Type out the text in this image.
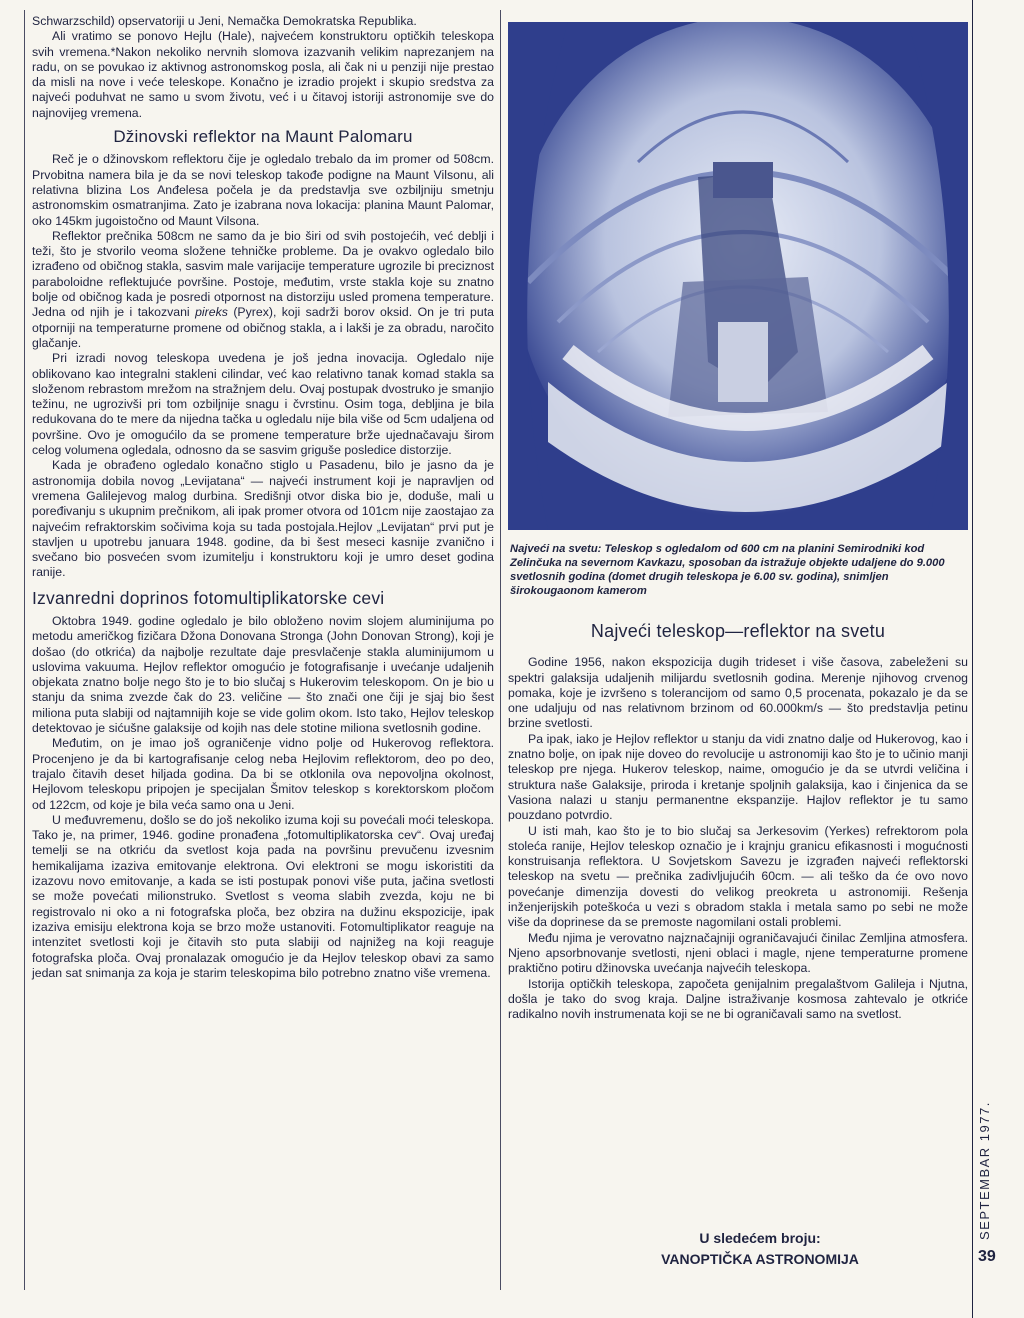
Schwarzschild) opservatoriji u Jeni, Nemačka Demokratska Republika.

Ali vratimo se ponovo Hejlu (Hale), najvećem konstruktoru optičkih teleskopa svih vremena.*Nakon nekoliko nervnih slomova izazvanih velikim naprezanjem na radu, on se povukao iz aktivnog astronomskog posla, ali čak ni u penziji nije prestao da misli na nove i veće teleskope. Konačno je izradio projekt i skupio sredstva za najveći poduhvat ne samo u svom životu, već i u čitavoj istoriji astronomije sve do najnovijeg vremena.

Džinovski reflektor na Maunt Palomaru

Reč je o džinovskom reflektoru čije je ogledalo trebalo da im promer od 508cm. Prvobitna namera bila je da se novi teleskop takođe podigne na Maunt Vilsonu, ali relativna blizina Los Anđelesa počela je da predstavlja sve ozbiljniju smetnju astronomskim osmatranjima. Zato je izabrana nova lokacija: planina Maunt Palomar, oko 145km jugoistočno od Maunt Vilsona.

Reflektor prečnika 508cm ne samo da je bio širi od svih postojećih, već deblji i teži, što je stvorilo veoma složene tehničke probleme. Da je ovakvo ogledalo bilo izrađeno od običnog stakla, sasvim male varijacije temperature ugrozile bi preciznost paraboloidne reflektujuće površine. Postoje, međutim, vrste stakla koje su znatno bolje od običnog kada je posredi otpornost na distorziju usled promena temperature. Jedna od njih je i takozvani pireks (Pyrex), koji sadrži borov oksid. On je tri puta otporniji na temperaturne promene od običnog stakla, a i lakši je za obradu, naročito glačanje.

Pri izradi novog teleskopa uvedena je još jedna inovacija. Ogledalo nije oblikovano kao integralni stakleni cilindar, već kao relativno tanak komad stakla sa složenom rebrastom mrežom na stražnjem delu. Ovaj postupak dvostruko je smanjio težinu, ne ugrozivši pri tom ozbiljnije snagu i čvrstinu. Osim toga, debljina je bila redukovana do te mere da nijedna tačka u ogledalu nije bila više od 5cm udaljena od površine. Ovo je omogućilo da se promene temperature brže ujednačavaju širom celog volumena ogledala, odnosno da se sasvim griguše posledice distorzije.

Kada je obrađeno ogledalo konačno stiglo u Pasadenu, bilo je jasno da je astronomija dobila novog „Levijatana“ — najveći instrument koji je napravljen od vremena Galilejevog malog durbina. Središnji otvor diska bio je, doduše, mali u poređivanju s ukupnim prečnikom, ali ipak promer otvora od 101cm nije zaostajao za najvećim refraktorskim sočivima koja su tada postojala.Hejlov „Levijatan“ prvi put je stavljen u upotrebu januara 1948. godine, da bi šest meseci kasnije zvanično i svečano bio posvećen svom izumitelju i konstruktoru koji je umro deset godina ranije.

Izvanredni doprinos fotomultiplikatorske cevi

Oktobra 1949. godine ogledalo je bilo obloženo novim slojem aluminijuma po metodu američkog fizičara Džona Donovana Stronga (John Donovan Strong), koji je došao (do otkrića) da najbolje rezultate daje presvlačenje stakla aluminijumom u uslovima vakuuma. Hejlov reflektor omogućio je fotografisanje i uvećanje udaljenih objekata znatno bolje nego što je to bio slučaj s Hukerovim teleskopom. On je bio u stanju da snima zvezde čak do 23. veličine — što znači one čiji je sjaj bio šest miliona puta slabiji od najtamnijih koje se vide golim okom. Isto tako, Hejlov teleskop detektovao je sićušne galaksije od kojih nas dele stotine miliona svetlosnih godine.

Međutim, on je imao još ograničenje vidno polje od Hukerovog reflektora. Procenjeno je da bi kartografisanje celog neba Hejlovim reflektorom, deo po deo, trajalo čitavih deset hiljada godina. Da bi se otklonila ova nepovoljna okolnost, Hejlovom teleskopu pripojen je specijalan Šmitov teleskop s korektorskom pločom od 122cm, od koje je bila veća samo ona u Jeni.

U međuvremenu, došlo se do još nekoliko izuma koji su povećali moći teleskopa. Tako je, na primer, 1946. godine pronađena „fotomultiplikatorska cev“. Ovaj uređaj temelji se na otkriću da svetlost koja pada na površinu prevučenu izvesnim hemikalijama izaziva emitovanje elektrona. Ovi elektroni se mogu iskoristiti da izazovu novo emitovanje, a kada se isti postupak ponovi više puta, jačina svetlosti se može povećati milionstruko. Svetlost s veoma slabih zvezda, koju ne bi registrovalo ni oko a ni fotografska ploča, bez obzira na dužinu ekspozicije, ipak izaziva emisiju elektrona koja se brzo može ustanoviti. Fotomultiplikator reaguje na intenzitet svetlosti koji je čitavih sto puta slabiji od najnižeg na koji reaguje fotografska ploča. Ovaj pronalazak omogućio je da Hejlov teleskop obavi za samo jedan sat snimanja za koja je starim teleskopima bilo potrebno znatno više vremena.

Najveći na svetu: Teleskop s ogledalom od 600 cm na planini Semirodniki kod Zelinčuka na severnom Kavkazu, sposoban da istražuje objekte udaljene do 9.000 svetlosnih godina (domet drugih teleskopa je 6.00 sv. godina), snimljen širokougaonom kamerom
Najveći teleskop—reflektor na svetu

Godine 1956, nakon ekspozicija dugih trideset i više časova, zabeleženi su spektri galaksija udaljenih milijardu svetlosnih godina. Merenje njihovog crvenog pomaka, koje je izvršeno s tolerancijom od samo 0,5 procenata, pokazalo je da se one udaljuju od nas relativnom brzinom od 60.000km/s — što predstavlja petinu brzine svetlosti.

Pa ipak, iako je Hejlov reflektor u stanju da vidi znatno dalje od Hukerovog, kao i znatno bolje, on ipak nije doveo do revolucije u astronomiji kao što je to učinio manji teleskop pre njega. Hukerov teleskop, naime, omogućio je da se utvrdi veličina i struktura naše Galaksije, priroda i kretanje spoljnih galaksija, kao i činjenica da se Vasiona nalazi u stanju permanentne ekspanzije. Hajlov reflektor je tu samo pouzdano potvrdio.

U isti mah, kao što je to bio slučaj sa Jerkesovim (Yerkes) refrektorom pola stoleća ranije, Hejlov teleskop označio je i krajnju granicu efikasnosti i mogućnosti konstruisanja reflektora. U Sovjetskom Savezu je izgrađen najveći reflektorski teleskop na svetu — prečnika zadivljujućih 60cm. — ali teško da će ovo novo povećanje dimenzija dovesti do velikog preokreta u astronomiji. Rešenja inženjerijskih poteškoća u vezi s obradom stakla i metala samo po sebi ne može više da doprinese da se premoste nagomilani ostali problemi.

Među njima je verovatno najznačajniji ograničavajući činilac Zemljina atmosfera. Njeno apsorbnovanje svetlosti, njeni oblaci i magle, njene temperaturne promene praktično potiru džinovska uvećanja najvećih teleskopa.

Istorija optičkih teleskopa, započeta genijalnim pregalaštvom Galileja i Njutna, došla je tako do svog kraja. Daljne istraživanje kosmosa zahtevalo je otkriće radikalno novih instrumenata koji se ne bi ograničavali samo na svetlost.

U sledećem broju:
VANOPTIČKA ASTRONOMIJA
SEPTEMBAR 1977.
39
